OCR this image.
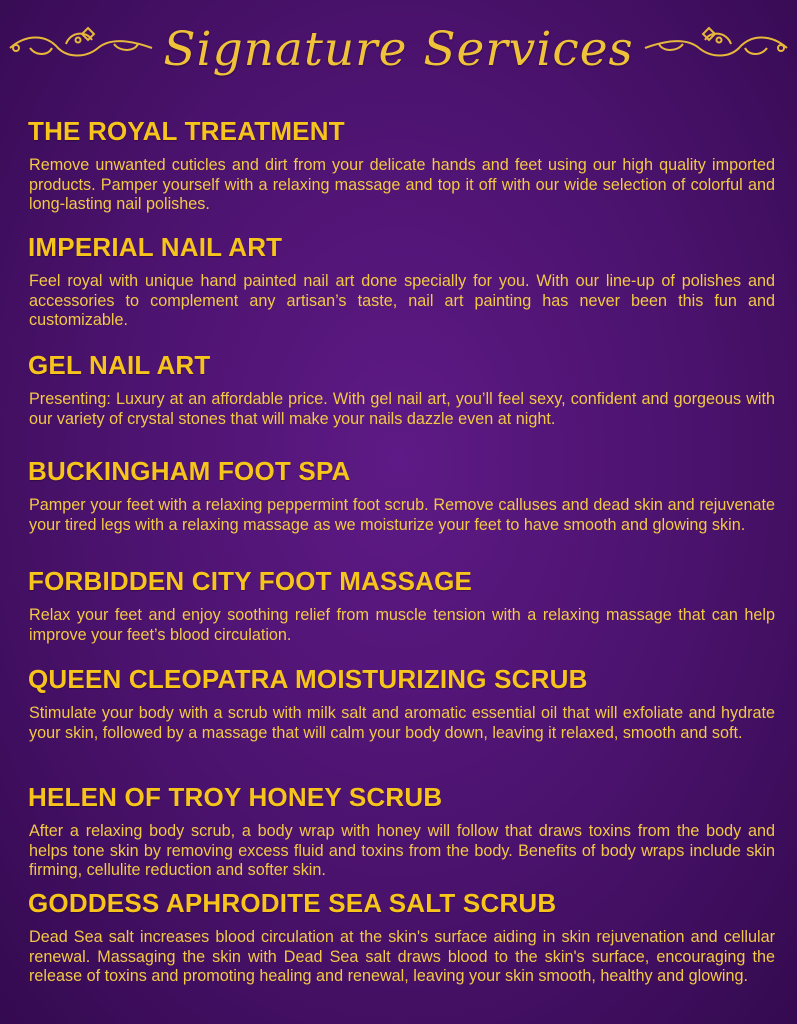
Signature Services
THE ROYAL TREATMENT

Remove unwanted cuticles and dirt from your delicate hands and feet using our high quality imported products. Pamper yourself with a relaxing massage and top it off with our wide selection of colorful and long-lasting nail polishes.

IMPERIAL NAIL ART

Feel royal with unique hand painted nail art done specially for you. With our line-up of polishes and accessories to complement any artisan’s taste, nail art painting has never been this fun and customizable.

GEL NAIL ART

Presenting: Luxury at an affordable price. With gel nail art, you’ll feel sexy, confident and gorgeous with our variety of crystal stones that will make your nails dazzle even at night.

BUCKINGHAM FOOT SPA

Pamper your feet with a relaxing peppermint foot scrub. Remove calluses and dead skin and rejuvenate your tired legs with a relaxing massage as we moisturize your feet to have smooth and glowing skin.

FORBIDDEN CITY FOOT MASSAGE

Relax your feet and enjoy soothing relief from muscle tension with a relaxing massage that can help improve your feet’s blood circulation.

QUEEN CLEOPATRA MOISTURIZING SCRUB

Stimulate your body with a scrub with milk salt and aromatic essential oil that will exfoliate and hydrate your skin, followed by a massage that will calm your body down, leaving it relaxed, smooth and soft.

HELEN OF TROY HONEY SCRUB

After a relaxing body scrub, a body wrap with honey will follow that draws toxins from the body and helps tone skin by removing excess fluid and toxins from the body. Benefits of body wraps include skin firming, cellulite reduction and softer skin.

GODDESS APHRODITE SEA SALT SCRUB

Dead Sea salt increases blood circulation at the skin's surface aiding in skin rejuvenation and cellular renewal. Massaging the skin with Dead Sea salt draws blood to the skin's surface, encouraging the release of toxins and promoting healing and renewal, leaving your skin smooth, healthy and glowing.
